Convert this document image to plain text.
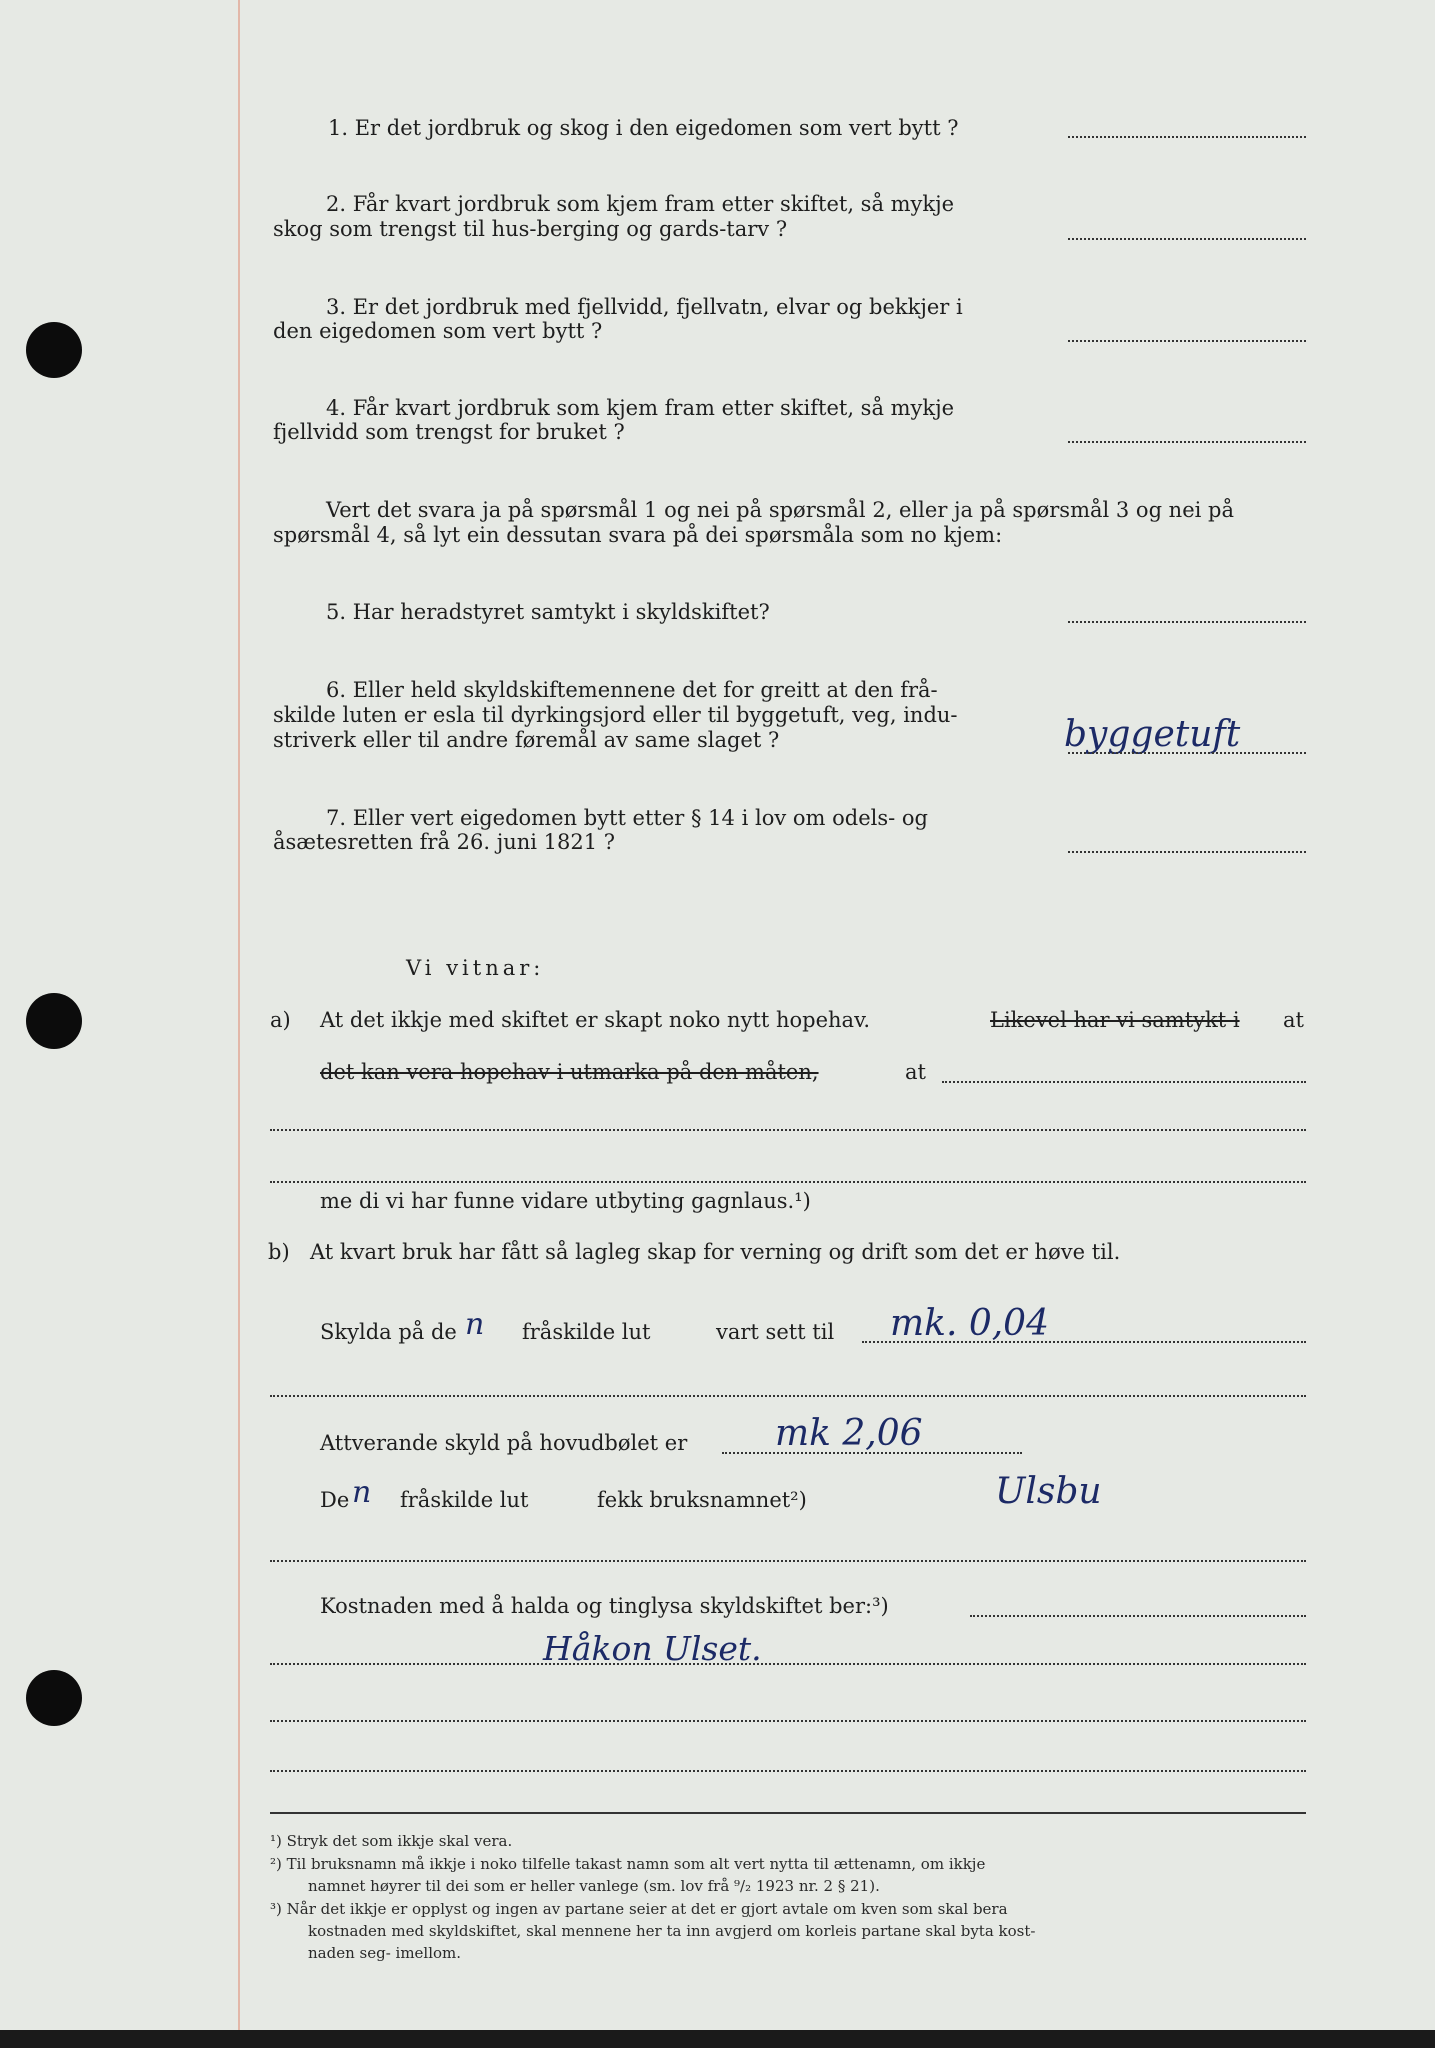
1. Er det jordbruk og skog i den eigedomen som vert bytt ?
2. Får kvart jordbruk som kjem fram etter skiftet, så mykje
skog som trengst til hus-berging og gards-tarv ?
3. Er det jordbruk med fjellvidd, fjellvatn, elvar og bekkjer i
den eigedomen som vert bytt ?
4. Får kvart jordbruk som kjem fram etter skiftet, så mykje
fjellvidd som trengst for bruket ?
Vert det svara ja på spørsmål 1 og nei på spørsmål 2, eller ja på spørsmål 3 og nei på
spørsmål 4, så lyt ein dessutan svara på dei spørsmåla som no kjem:
5. Har heradstyret samtykt i skyldskiftet?
6. Eller held skyldskiftemennene det for greitt at den frå-
skilde luten er esla til dyrkingsjord eller til byggetuft, veg, indu-
striverk eller til andre føremål av same slaget ?	byggetuft
7. Eller vert eigedomen bytt etter § 14 i lov om odels- og
åsætesretten frå 26. juni 1821 ?
Vi vitnar:
a) At det ikkje med skiftet er skapt noko nytt hopehav.	Likevel har vi samtykt i at
det kan vera hopehav i utmarka på den måten,	at
me di vi har funne vidare utbyting gagnlaus.¹)
b) At kvart bruk har fått så lagleg skap for verning og drift som det er høve til.
Skylda på de n fråskilde lut	vart sett til mk. 0,04
Attverande skyld på hovudbølet er mk 2,06
De n fråskilde lut	fekk bruksnamnet²)	Ulsbu
Kostnaden med å halda og tinglysa skyldskiftet ber:³)
Håkon Ulset.
¹) Stryk det som ikkje skal vera.
²) Til bruksnamn må ikkje i noko tilfelle takast namn som alt vert nytta til ættenamn, om ikkje
namnet høyrer til dei som er heller vanlege (sm. lov frå ⁹/₂ 1923 nr. 2 § 21).
³) Når det ikkje er opplyst og ingen av partane seier at det er gjort avtale om kven som skal bera
kostnaden med skyldskiftet, skal mennene her ta inn avgjerd om korleis partane skal byta kost-
naden seg- imellom.
